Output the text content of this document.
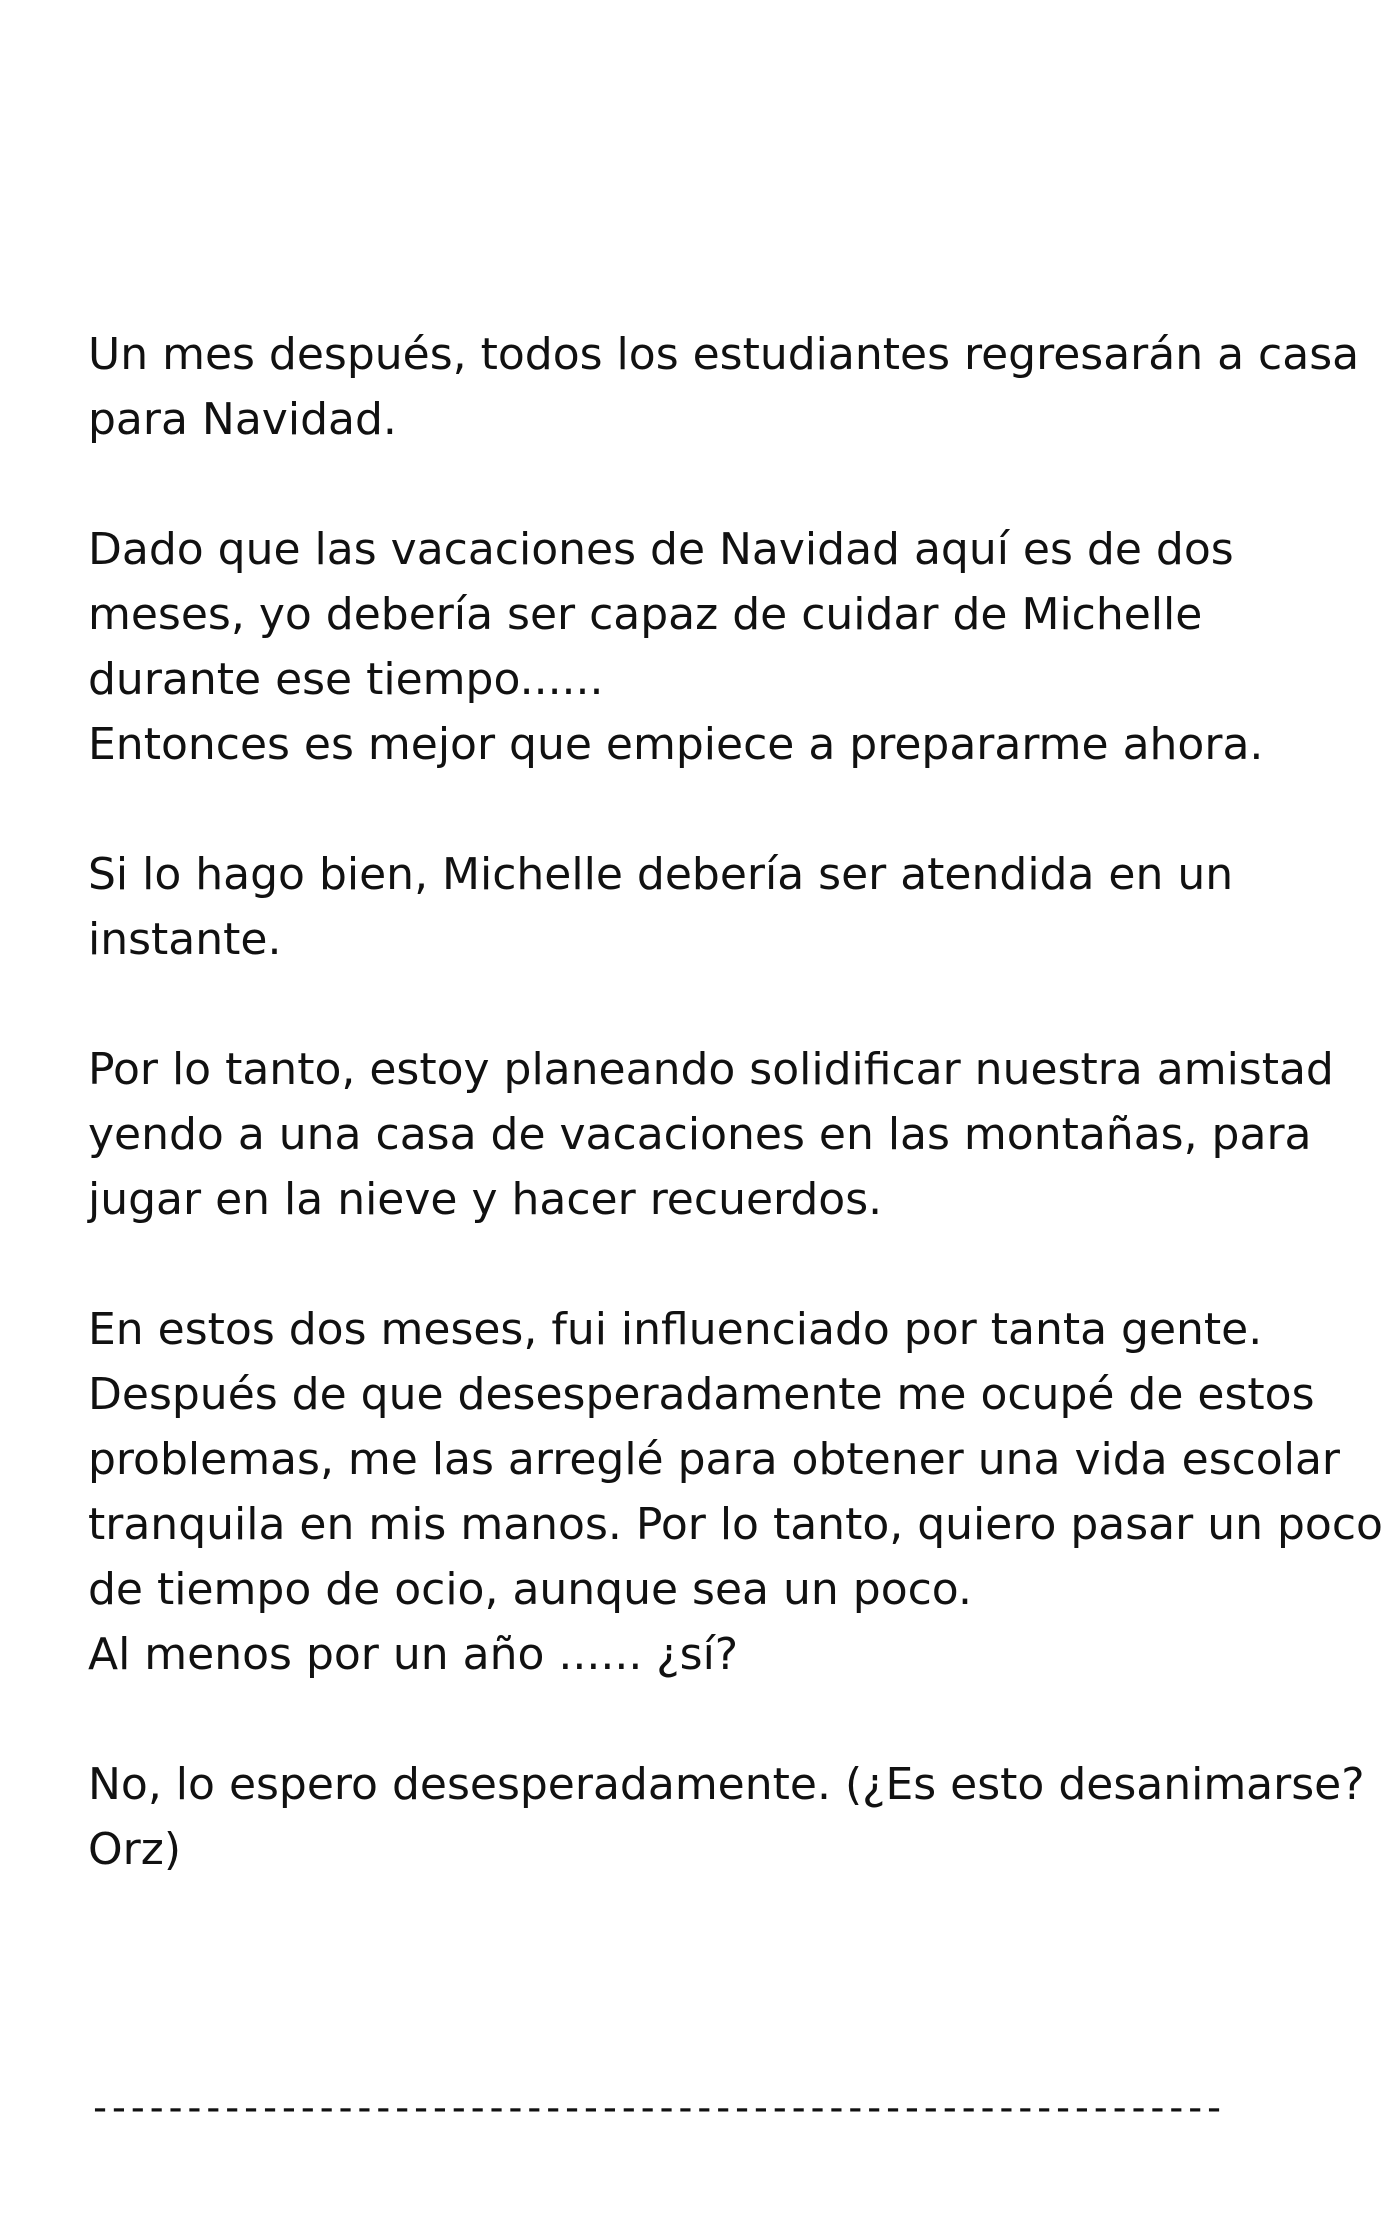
Un mes después, todos los estudiantes regresarán a casa
para Navidad.

Dado que las vacaciones de Navidad aquí es de dos
meses, yo debería ser capaz de cuidar de Michelle
durante ese tiempo......
Entonces es mejor que empiece a prepararme ahora.

Si lo hago bien, Michelle debería ser atendida en un
instante.

Por lo tanto, estoy planeando solidificar nuestra amistad
yendo a una casa de vacaciones en las montañas, para
jugar en la nieve y hacer recuerdos.

En estos dos meses, fui influenciado por tanta gente.
Después de que desesperadamente me ocupé de estos
problemas, me las arreglé para obtener una vida escolar
tranquila en mis manos. Por lo tanto, quiero pasar un poco
de tiempo de ocio, aunque sea un poco.
Al menos por un año ...... ¿sí?

No, lo espero desesperadamente. (¿Es esto desanimarse?
Orz)

------------------------------------------------------------
